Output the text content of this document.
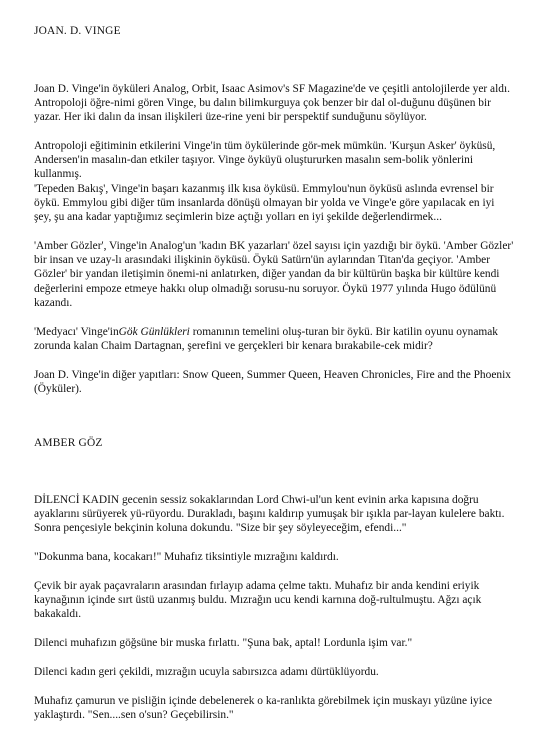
JOAN. D. VINGE

Joan D. Vinge'in öyküleri Analog, Orbit, Isaac Asimov's SF Magazine'de ve çeşitli antolojilerde yer aldı. Antropoloji öğre-nimi gören Vinge, bu dalın bilimkurguya çok benzer bir dal ol-duğunu düşünen bir yazar. Her iki dalın da insan ilişkileri üze-rine yeni bir perspektif sunduğunu söylüyor.

Antropoloji eğitiminin etkilerini Vinge'in tüm öykülerinde gör-mek mümkün. 'Kurşun Asker' öyküsü, Andersen'in masalın-dan etkiler taşıyor. Vinge öyküyü oluştururken masalın sem-bolik yönlerini kullanmış.

'Tepeden Bakış', Vinge'in başarı kazanmış ilk kısa öyküsü. Emmylou'nun öyküsü aslında evrensel bir öykü. Emmylou gibi diğer tüm insanlarda dönüşü olmayan bir yolda ve Vinge'e göre yapılacak en iyi şey, şu ana kadar yaptığımız seçimlerin bize açtığı yolları en iyi şekilde değerlendirmek...

'Amber Gözler', Vinge'in Analog'un 'kadın BK yazarları' özel sayısı için yazdığı bir öykü. 'Amber Gözler' bir insan ve uzay-lı arasındaki ilişkinin öyküsü. Öykü Satürn'ün aylarından Titan'da geçiyor. 'Amber Gözler' bir yandan iletişimin önemi-ni anlatırken, diğer yandan da bir kültürün başka bir kültüre kendi değerlerini empoze etmeye hakkı olup olmadığı sorusu-nu soruyor. Öykü 1977 yılında Hugo ödülünü kazandı.

'Medyacı' Vinge'inGök Günlükleri romanının temelini oluş-turan bir öykü. Bir katilin oyunu oynamak zorunda kalan Chaim Dartagnan, şerefini ve gerçekleri bir kenara bırakabile-cek midir?

Joan D. Vinge'in diğer yapıtları: Snow Queen, Summer Queen, Heaven Chronicles, Fire and the Phoenix (Öyküler).

AMBER GÖZ

DİLENCİ KADIN gecenin sessiz sokaklarından Lord Chwi-ul'un kent evinin arka kapısına doğru ayaklarını sürüyerek yü-rüyordu. Durakladı, başını kaldırıp yumuşak bir ışıkla par-layan kulelere baktı. Sonra pençesiyle bekçinin koluna dokundu. "Size bir şey söyleyeceğim, efendi..."

"Dokunma bana, kocakarı!" Muhafız tiksintiyle mızrağını kaldırdı.

Çevik bir ayak paçavraların arasından fırlayıp adama çelme taktı. Muhafız bir anda kendini eriyik kaynağının içinde sırt üstü uzanmış buldu. Mızrağın ucu kendi karnına doğ-rultulmuştu. Ağzı açık bakakaldı.

Dilenci muhafızın göğsüne bir muska fırlattı. "Şuna bak, aptal! Lordunla işim var."

Dilenci kadın geri çekildi, mızrağın ucuyla sabırsızca adamı dürtüklüyordu.

Muhafız çamurun ve pisliğin içinde debelenerek o ka-ranlıkta görebilmek için muskayı yüzüne iyice yaklaştırdı. "Sen....sen o'sun? Geçebilirsin."
